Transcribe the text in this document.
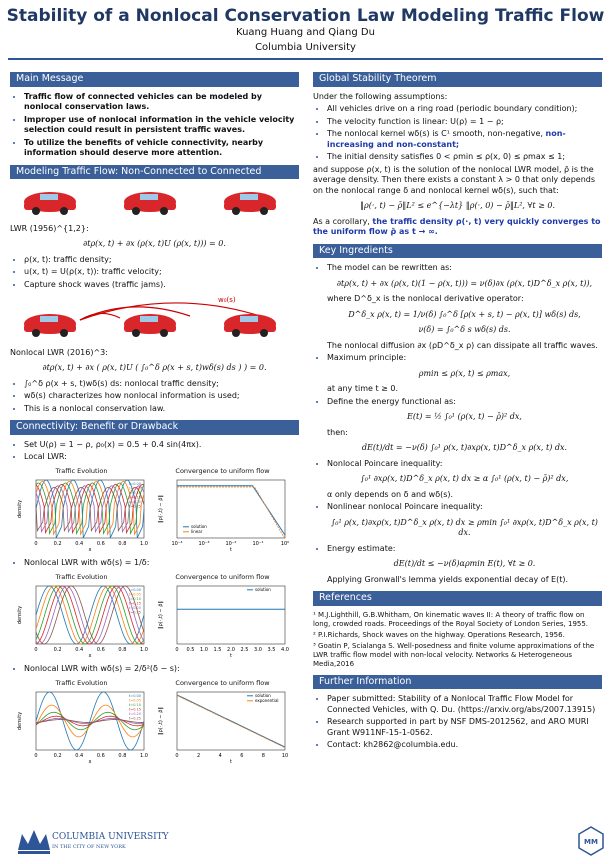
Stability of a Nonlocal Conservation Law Modeling Traffic Flow
Kuang Huang and Qiang Du
Columbia University
Main Message
• Traffic flow of connected vehicles can be modeled by nonlocal conservation laws.
• Improper use of nonlocal information in the vehicle velocity selection could result in persistent traffic waves.
• To utilize the benefits of vehicle connectivity, nearby information should deserve more attention.
Modeling Traffic Flow: Non-Connected to Connected
LWR (1956)^{1,2}:
∂tρ(x, t) + ∂x (ρ(x, t)U (ρ(x, t))) = 0.
• ρ(x, t): traffic density;
• u(x, t) = U(ρ(x, t)): traffic velocity;
• Capture shock waves (traffic jams).
w₀(s)
Nonlocal LWR (2016)^3:
∂tρ(x, t) + ∂x ( ρ(x, t)U ( ∫₀^δ ρ(x + s, t)wδ(s) ds ) ) = 0.
• ∫₀^δ ρ(x + s, t)wδ(s) ds: nonlocal traffic density;
• wδ(s) characterizes how nonlocal information is used;
• This is a nonlocal conservation law.
Connectivity: Benefit or Drawback
• Set U(ρ) = 1 − ρ, ρ₀(x) = 0.5 + 0.4 sin(4πx).
• Local LWR:
Traffic Evolution
0	0.2	0.4	0.6	0.8	1.0
x
density
t=0.00
t=0.05
t=0.10
t=0.15
t=0.20
t=0.25
Convergence to uniform flow
10⁻⁴	10⁻³	10⁻²	10⁻¹	10⁰
t
‖ρ(·,t) − ρ̄‖
solution
linear
• Nonlocal LWR with wδ(s) = 1/δ:
Traffic Evolution
0	0.2	0.4	0.6	0.8	1.0
x
density
t=0.00
t=0.05
t=0.10
t=0.15
t=0.20
t=0.25
Convergence to uniform flow
0 0.5 1.0 1.5 2.0 2.5 3.0 3.5 4.0
t
‖ρ(·,t) − ρ̄‖
solution
• Nonlocal LWR with wδ(s) = 2/δ²(δ − s):
Traffic Evolution
0	0.2	0.4	0.6	0.8	1.0
x
density
t=0.00
t=0.05
t=0.10
t=0.15
t=0.20
t=0.25
Convergence to uniform flow
0	2	4	6	8	10
t
‖ρ(·,t) − ρ̄‖
solution
exponential
Global Stability Theorem
Under the following assumptions:
• All vehicles drive on a ring road (periodic boundary condition);
• The velocity function is linear: U(ρ) = 1 − ρ;
• The nonlocal kernel wδ(s) is C¹ smooth, non-negative, non-increasing and non-constant;
• The initial density satisfies 0 < ρmin ≤ ρ(x, 0) ≤ ρmax ≤ 1;
and suppose ρ(x, t) is the solution of the nonlocal LWR model, ρ̄ is the average density. Then there exists a constant λ > 0 that only depends on the nonlocal range δ and nonlocal kernel wδ(s), such that:
‖ρ(·, t) − ρ̄‖L² ≤ e^{−λt} ‖ρ(·, 0) − ρ̄‖L², ∀t ≥ 0.
As a corollary, the traffic density ρ(·, t) very quickly converges to the uniform flow ρ̄ as t → ∞.
Key Ingredients
• The model can be rewritten as:
∂tρ(x, t) + ∂x (ρ(x, t)(1 − ρ(x, t))) = ν(δ)∂x (ρ(x, t)D^δ_x ρ(x, t)),
where D^δ_x is the nonlocal derivative operator:
D^δ_x ρ(x, t) = 1/ν(δ) ∫₀^δ [ρ(x + s, t) − ρ(x, t)] wδ(s) ds,
ν(δ) = ∫₀^δ s wδ(s) ds.
The nonlocal diffusion ∂x (ρD^δ_x ρ) can dissipate all traffic waves.
• Maximum principle:
ρmin ≤ ρ(x, t) ≤ ρmax,
at any time t ≥ 0.
• Define the energy functional as:
E(t) = ½ ∫₀¹ (ρ(x, t) − ρ̄)² dx,
then:
dE(t)/dt = −ν(δ) ∫₀¹ ρ(x, t)∂xρ(x, t)D^δ_x ρ(x, t) dx.
• Nonlocal Poincare inequality:
∫₀¹ ∂xρ(x, t)D^δ_x ρ(x, t) dx ≥ α ∫₀¹ (ρ(x, t) − ρ̄)² dx,
α only depends on δ and wδ(s).
• Nonlinear nonlocal Poincare inequality:
∫₀¹ ρ(x, t)∂xρ(x, t)D^δ_x ρ(x, t) dx ≥ ρmin ∫₀¹ ∂xρ(x, t)D^δ_x ρ(x, t) dx.
• Energy estimate:
dE(t)/dt ≤ −ν(δ)αρmin E(t), ∀t ≥ 0.
Applying Gronwall's lemma yields exponential decay of E(t).
References
¹ M.J.Lighthill, G.B.Whitham, On kinematic waves II: A theory of traffic flow on long, crowded roads. Proceedings of the Royal Society of London Series, 1955.
² P.I.Richards, Shock waves on the highway. Operations Research, 1956.
³ Goatin P, Scialanga S. Well-posedness and finite volume approximations of the LWR traffic flow model with non-local velocity. Networks & Heterogeneous Media,2016
Further Information
• Paper submitted: Stability of a Nonlocal Traffic Flow Model for Connected Vehicles, with Q. Du. (https://arxiv.org/abs/2007.13915)
• Research supported in part by NSF DMS-2012562, and ARO MURI Grant W911NF-15-1-0562.
• Contact: kh2862@columbia.edu.
COLUMBIA UNIVERSITY
IN THE CITY OF NEW YORK
MM
